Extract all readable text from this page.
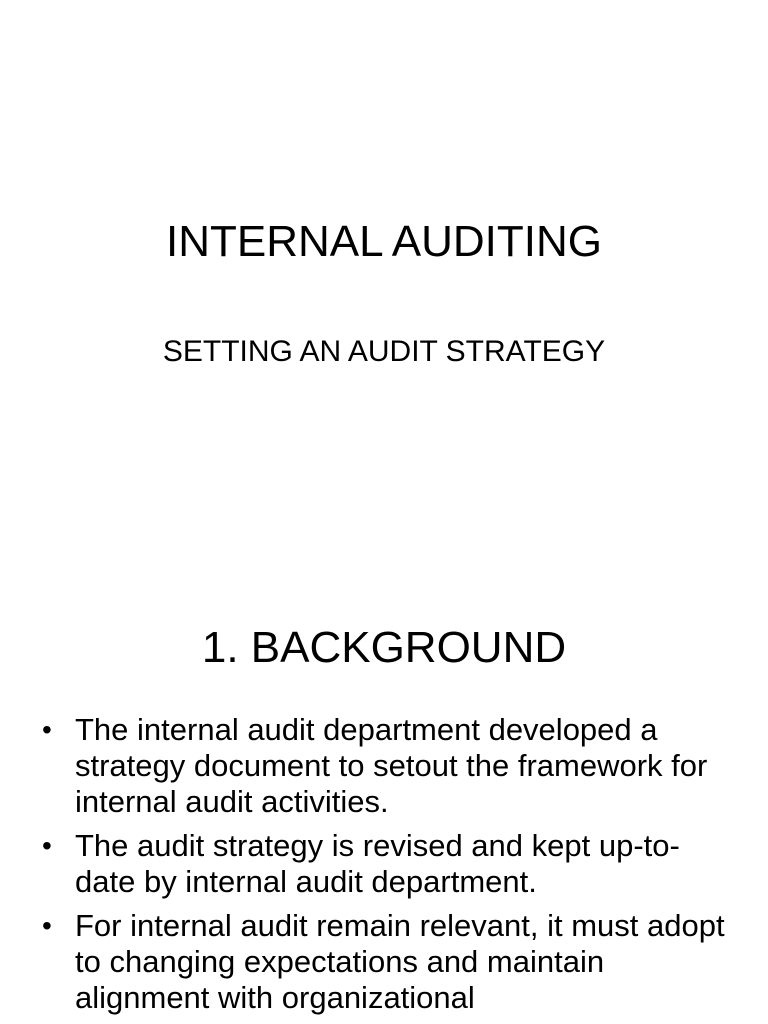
INTERNAL AUDITING
SETTING AN AUDIT STRATEGY
1. BACKGROUND
• The internal audit department developed a strategy document to setout the framework for internal audit activities.
• The audit strategy is revised and kept up-to-date by internal audit department.
• For internal audit remain relevant, it must adopt to changing expectations and maintain alignment with organizational
